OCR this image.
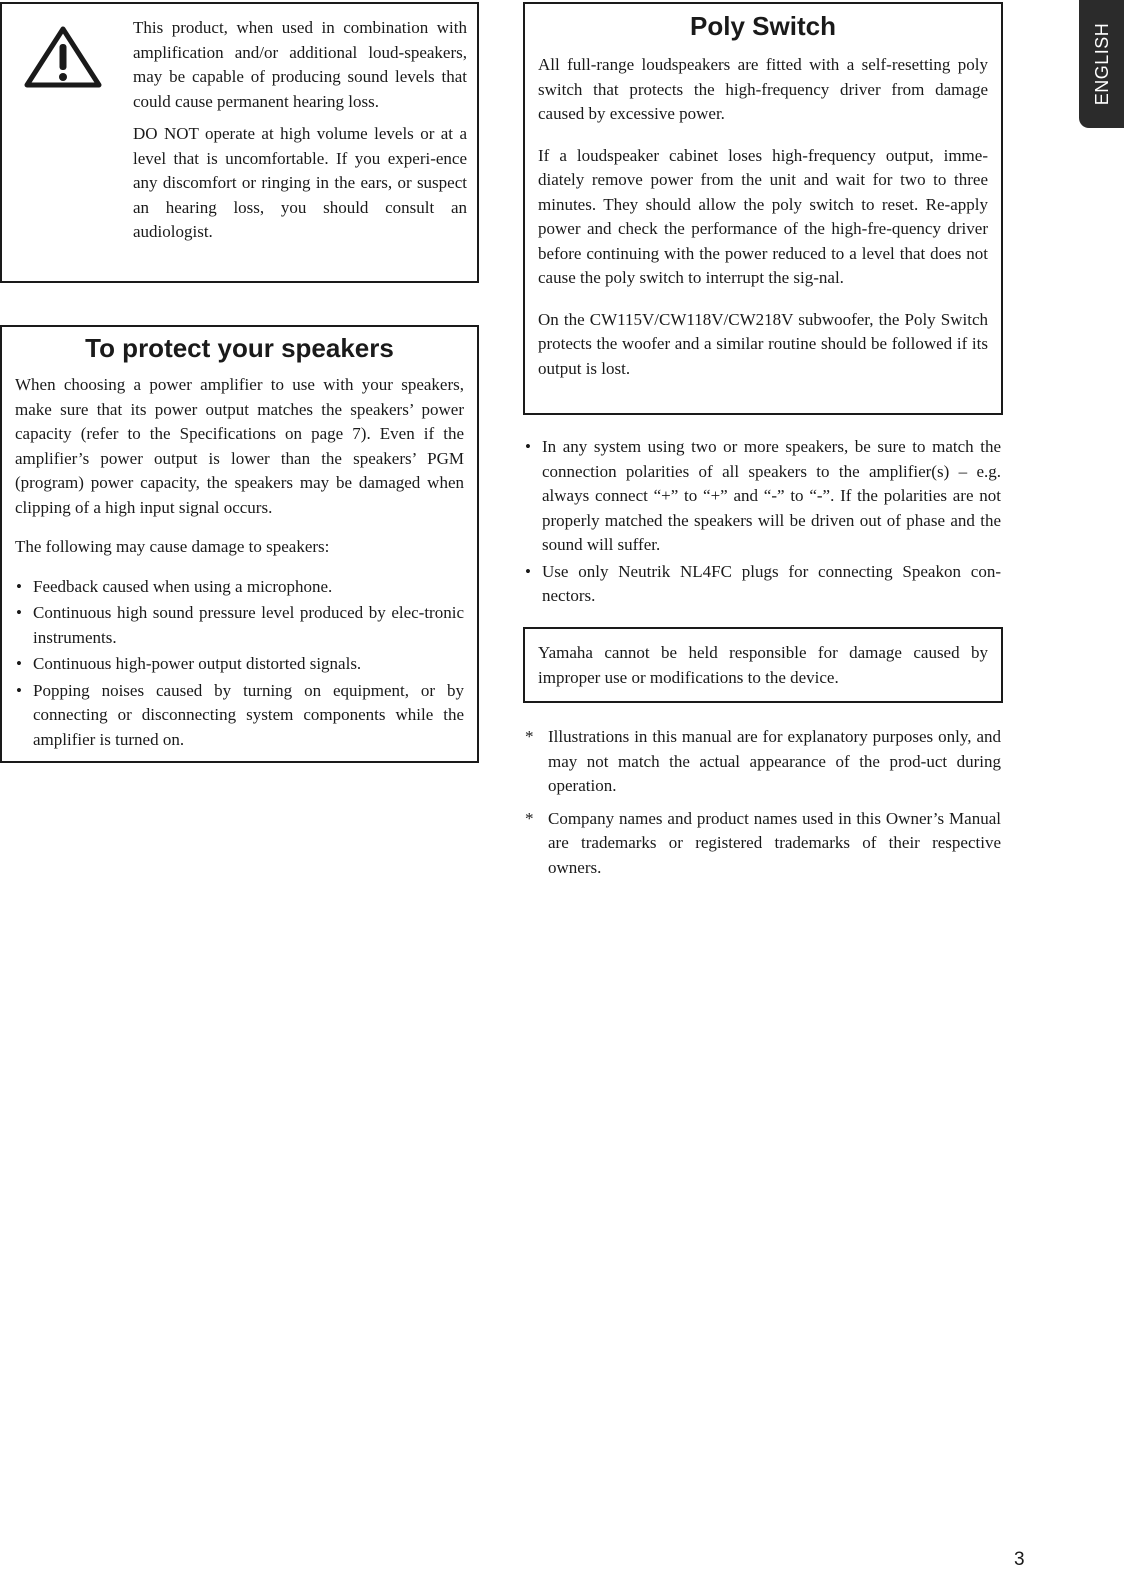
This product, when used in combination with amplification and/or additional loud-speakers, may be capable of producing sound levels that could cause permanent hearing loss.

DO NOT operate at high volume levels or at a level that is uncomfortable. If you experi-ence any discomfort or ringing in the ears, or suspect an hearing loss, you should consult an audiologist.

To protect your speakers

When choosing a power amplifier to use with your speakers, make sure that its power output matches the speakers’ power capacity (refer to the Specifications on page 7). Even if the amplifier’s power output is lower than the speakers’ PGM (program) power capacity, the speakers may be damaged when clipping of a high input signal occurs.

The following may cause damage to speakers:

• Feedback caused when using a microphone.
• Continuous high sound pressure level produced by elec-tronic instruments.
• Continuous high-power output distorted signals.
• Popping noises caused by turning on equipment, or by connecting or disconnecting system components while the amplifier is turned on.
Poly Switch

All full-range loudspeakers are fitted with a self-resetting poly switch that protects the high-frequency driver from damage caused by excessive power.

If a loudspeaker cabinet loses high-frequency output, imme-diately remove power from the unit and wait for two to three minutes. They should allow the poly switch to reset. Re-apply power and check the performance of the high-fre-quency driver before continuing with the power reduced to a level that does not cause the poly switch to interrupt the sig-nal.

On the CW115V/CW118V/CW218V subwoofer, the Poly Switch protects the woofer and a similar routine should be followed if its output is lost.

• In any system using two or more speakers, be sure to match the connection polarities of all speakers to the amplifier(s) – e.g. always connect “+” to “+” and “-” to “-”. If the polarities are not properly matched the speakers will be driven out of phase and the sound will suffer.
• Use only Neutrik NL4FC plugs for connecting Speakon con-nectors.

Yamaha cannot be held responsible for damage caused by improper use or modifications to the device.

* Illustrations in this manual are for explanatory purposes only, and may not match the actual appearance of the prod-uct during operation.
* Company names and product names used in this Owner’s Manual are trademarks or registered trademarks of their respective owners.
ENGLISH
3
